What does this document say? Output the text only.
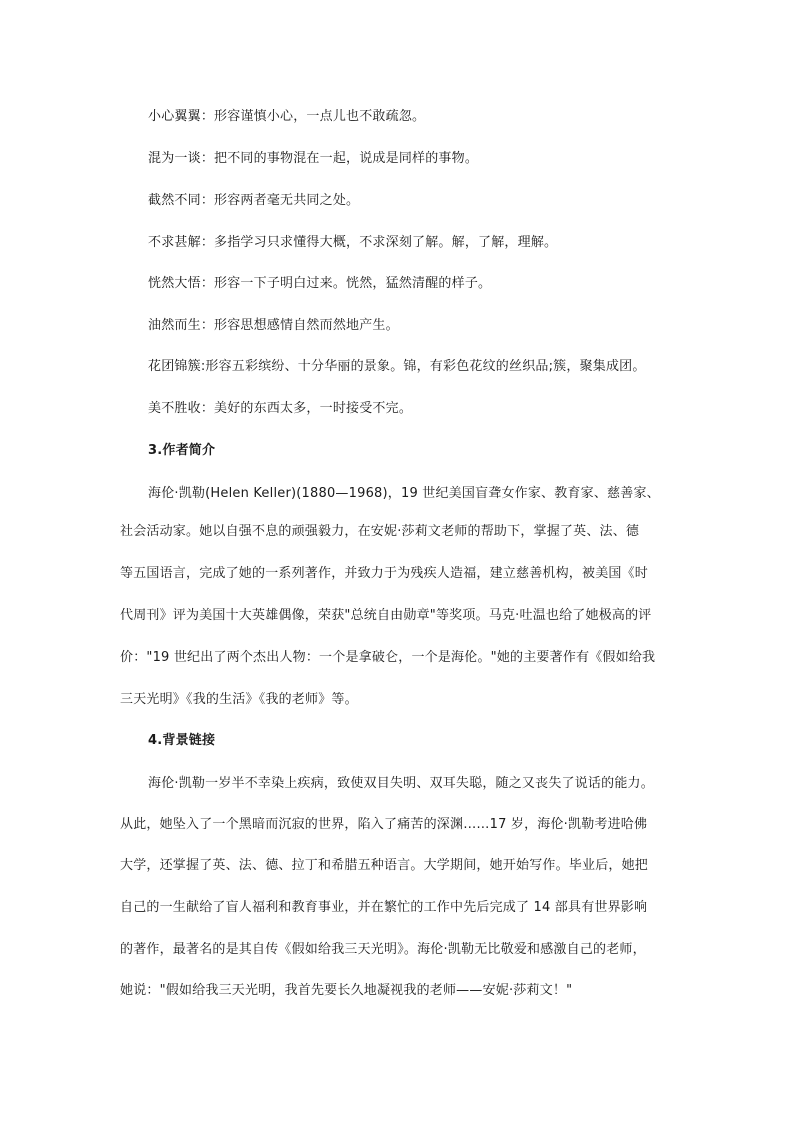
小心翼翼：形容谨慎小心，一点儿也不敢疏忽。
混为一谈：把不同的事物混在一起，说成是同样的事物。
截然不同：形容两者毫无共同之处。
不求甚解：多指学习只求懂得大概，不求深刻了解。解，了解，理解。
恍然大悟：形容一下子明白过来。恍然，猛然清醒的样子。
油然而生：形容思想感情自然而然地产生。
花团锦簇:形容五彩缤纷、十分华丽的景象。锦，有彩色花纹的丝织品;簇，聚集成团。
美不胜收：美好的东西太多，一时接受不完。
3.作者简介
海伦·凯勒(Helen Keller)(1880—1968)，19 世纪美国盲聋女作家、教育家、慈善家、
社会活动家。她以自强不息的顽强毅力，在安妮·莎莉文老师的帮助下，掌握了英、法、德
等五国语言，完成了她的一系列著作，并致力于为残疾人造福，建立慈善机构，被美国《时
代周刊》评为美国十大英雄偶像，荣获"总统自由勋章"等奖项。马克·吐温也给了她极高的评
价："19 世纪出了两个杰出人物：一个是拿破仑，一个是海伦。"她的主要著作有《假如给我
三天光明》《我的生活》《我的老师》等。
4.背景链接
海伦·凯勒一岁半不幸染上疾病，致使双目失明、双耳失聪，随之又丧失了说话的能力。
从此，她坠入了一个黑暗而沉寂的世界，陷入了痛苦的深渊……17 岁，海伦·凯勒考进哈佛
大学，还掌握了英、法、德、拉丁和希腊五种语言。大学期间，她开始写作。毕业后，她把
自己的一生献给了盲人福利和教育事业，并在繁忙的工作中先后完成了 14 部具有世界影响
的著作，最著名的是其自传《假如给我三天光明》。海伦·凯勒无比敬爱和感激自己的老师，
她说："假如给我三天光明，我首先要长久地凝视我的老师——安妮·莎莉文！"
